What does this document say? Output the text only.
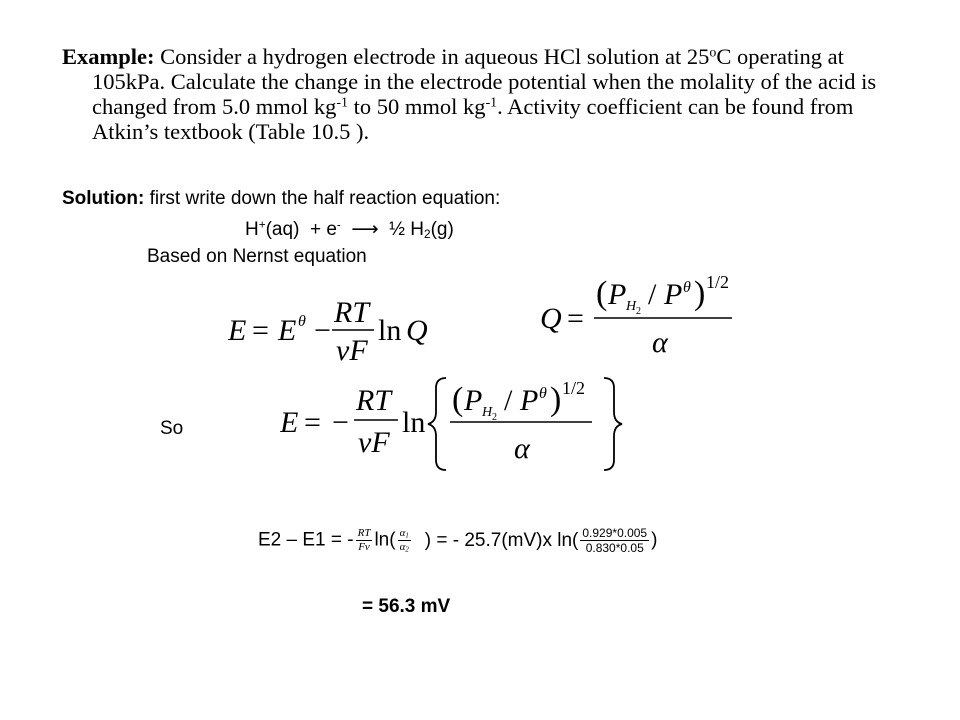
Example: Consider a hydrogen electrode in aqueous HCl solution at 25$^o$C operating at 105kPa. Calculate the change in the electrode potential when the molality of the acid is changed from 5.0 mmol $kg^{-1}$ to 50 mmol $kg^{-1}$. Activity coefficient can be found from Atkin’s textbook (Table 10.5 ).
Solution: first write down the half reaction equation:
H+(aq)  + e-  ⟶  ½ $H_2(g)$
Based on Nernst equation
E = E θ −
RT
vF
ln Q	Q =
( P H 2
/ P θ ) 1/2
α
So	E = −
RT
vF
ln
( P H 2
/ P θ ) 1/2
α
E2 – E1 = - $\frac{RT}{F\nu} \ln( \frac{\alpha_1}{\alpha_2}$ ) = - 25.7(mV)x $\ln( \frac{0.929*0.005}{0.830*0.05}$ )
= 56.3 mV
